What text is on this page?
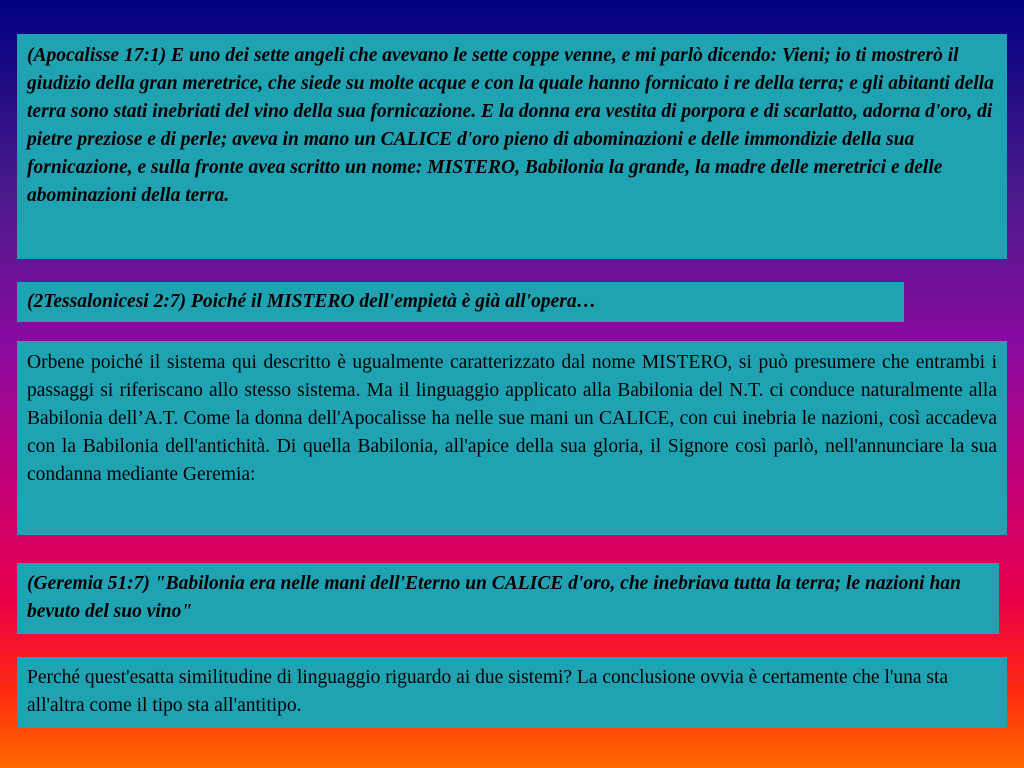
(Apocalisse 17:1) E uno dei sette angeli che avevano le sette coppe venne, e mi parlò dicendo: Vieni; io ti mostrerò il giudizio della gran meretrice, che siede su molte acque e con la quale hanno fornicato i re della terra; e gli abitanti della terra sono stati inebriati del vino della sua fornicazione. E la donna era vestita di porpora e di scarlatto, adorna d'oro, di pietre preziose e di perle; aveva in mano un CALICE d'oro pieno di abominazioni e delle immondizie della sua fornicazione, e sulla fronte avea scritto un nome: MISTERO, Babilonia la grande, la madre delle meretrici e delle abominazioni della terra.
(2Tessalonicesi 2:7) Poiché il MISTERO dell'empietà è già all'opera…
Orbene poiché il sistema qui descritto è ugualmente caratterizzato dal nome MISTERO, si può presumere che entrambi i passaggi si riferiscano allo stesso sistema. Ma il linguaggio applicato alla Babilonia del N.T. ci conduce naturalmente alla Babilonia dell’A.T. Come la donna dell'Apocalisse ha nelle sue mani un CALICE, con cui inebria le nazioni, così accadeva con la Babilonia dell'antichità. Di quella Babilonia, all'apice della sua gloria, il Signore così parlò, nell'annunciare la sua condanna mediante Geremia:
(Geremia 51:7) "Babilonia era nelle mani dell'Eterno un CALICE d'oro, che inebriava tutta la terra; le nazioni han bevuto del suo vino"
Perché quest'esatta similitudine di linguaggio riguardo ai due sistemi? La conclusione ovvia è certamente che l'una sta all'altra come il tipo sta all'antitipo.
